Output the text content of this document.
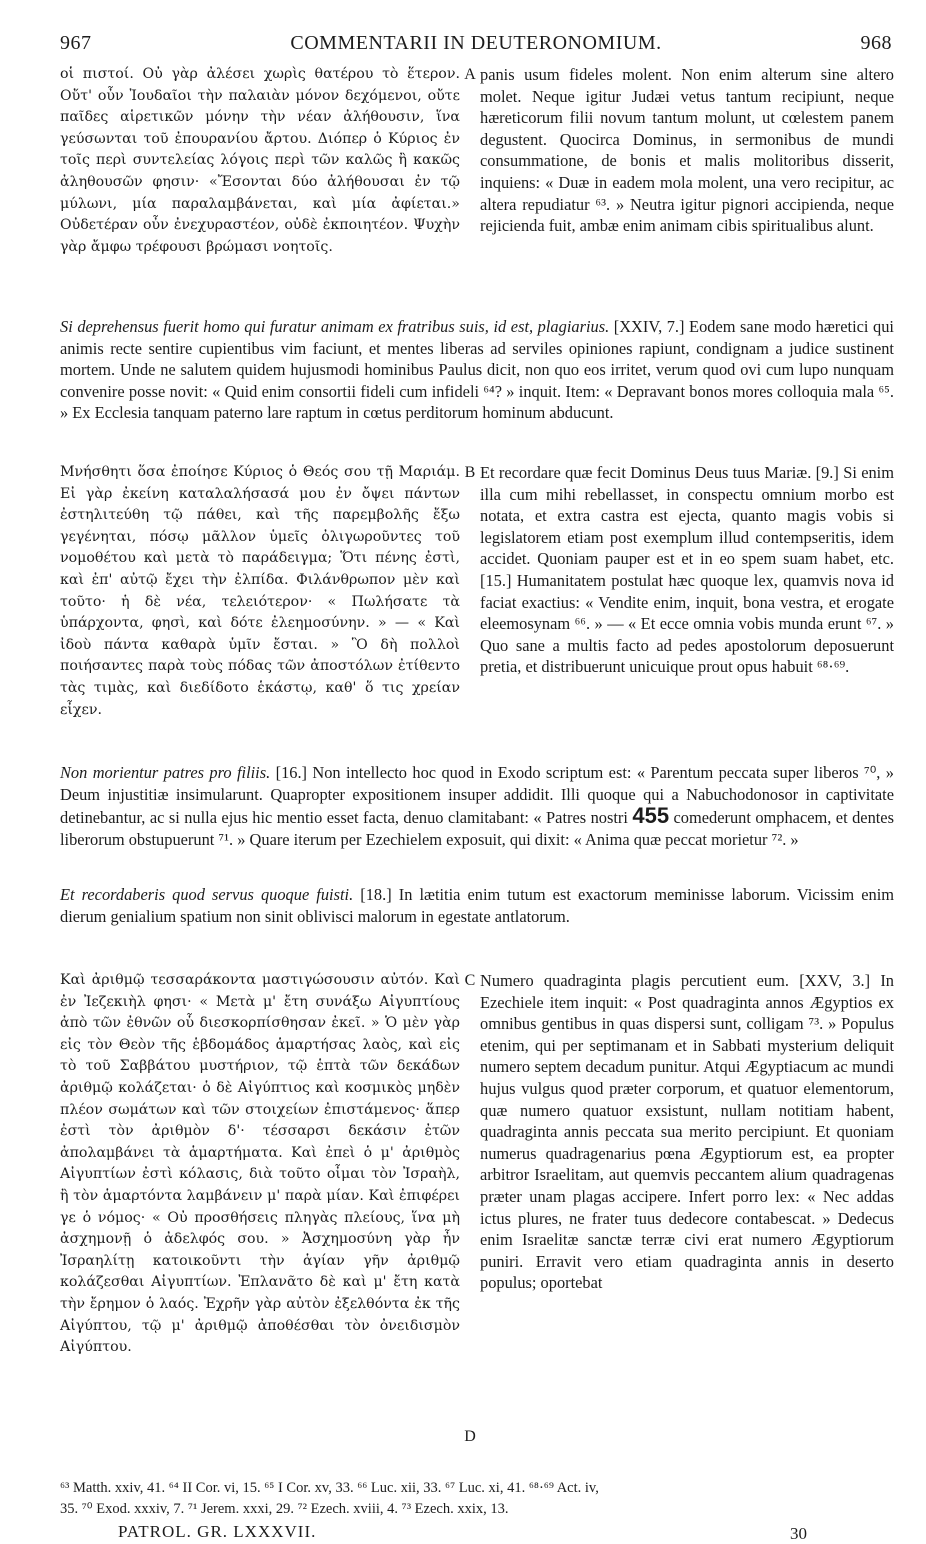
967	COMMENTARII IN DEUTERONOMIUM.	968
οἱ πιστοί. Οὐ γὰρ ἀλέσει χωρὶς θατέρου τὸ ἕτερον. Οὔτ' οὖν Ἰουδαῖοι τὴν παλαιὰν μόνον δεχόμενοι, οὔτε παῖδες αἱρετικῶν μόνην τὴν νέαν ἀλήθουσιν, ἵνα γεύσωνται τοῦ ἐπουρανίου ἄρτου. Διόπερ ὁ Κύριος ἐν τοῖς περὶ συντελείας λόγοις περὶ τῶν καλῶς ἢ κακῶς ἀληθουσῶν φησιν· «Ἔσονται δύο ἀλήθουσαι ἐν τῷ μύλωνι, μία παραλαμβάνεται, καὶ μία ἀφίεται.» Οὐδετέραν οὖν ἐνεχυραστέον, οὐδὲ ἐκποιητέον. Ψυχὴν γὰρ ἄμφω τρέφουσι βρώμασι νοητοῖς.
A panis usum fideles molent. Non enim alterum sine altero molet. Neque igitur Judæi vetus tantum recipiunt, neque hæreticorum filii novum tantum molunt, ut cœlestem panem degustent. Quocirca Dominus, in sermonibus de mundi consummatione, de bonis et malis molitoribus disserit, inquiens: « Duæ in eadem mola molent, una vero recipitur, ac altera repudiatur ⁶³. » Neutra igitur pignori accipienda, neque rejicienda fuit, ambæ enim animam cibis spiritualibus alunt.
Si deprehensus fuerit homo qui furatur animam ex fratribus suis, id est, plagiarius. [XXIV, 7.] Eodem sane modo hæretici qui animis recte sentire cupientibus vim faciunt, et mentes liberas ad serviles opiniones rapiunt, condignam a judice sustinent mortem. Unde ne salutem quidem hujusmodi hominibus Paulus dicit, non quo eos irritet, verum quod ovi cum lupo nunquam convenire posse novit: « Quid enim consortii fideli cum infideli ⁶⁴? » inquit. Item: « Depravant bonos mores colloquia mala ⁶⁵. » Ex Ecclesia tanquam paterno lare raptum in cœtus perditorum hominum abducunt.
Μνήσθητι ὅσα ἐποίησε Κύριος ὁ Θεός σου τῇ Μαριάμ. Εἰ γὰρ ἐκείνη καταλαλήσασά μου ἐν ὄψει πάντων ἐστηλιτεύθη τῷ πάθει, καὶ τῆς παρεμβολῆς ἔξω γεγένηται, πόσῳ μᾶλλον ὑμεῖς ὀλιγωροῦντες τοῦ νομοθέτου καὶ μετὰ τὸ παράδειγμα; Ὅτι πένης ἐστὶ, καὶ ἐπ' αὐτῷ ἔχει τὴν ἐλπίδα. Φιλάνθρωπον μὲν καὶ τοῦτο· ἡ δὲ νέα, τελειότερον· « Πωλήσατε τὰ ὑπάρχοντα, φησὶ, καὶ δότε ἐλεημοσύνην. » — « Καὶ ἰδοὺ πάντα καθαρὰ ὑμῖν ἔσται. » Ὃ δὴ πολλοὶ ποιήσαντες παρὰ τοὺς πόδας τῶν ἀποστόλων ἐτίθεντο τὰς τιμὰς, καὶ διεδίδοτο ἑκάστῳ, καθ' ὅ τις χρείαν εἶχεν.
B Et recordare quæ fecit Dominus Deus tuus Mariæ. [9.] Si enim illa cum mihi rebellasset, in conspectu omnium morbo est notata, et extra castra est ejecta, quanto magis vobis si legislatorem etiam post exemplum illud contempseritis, idem accidet. Quoniam pauper est et in eo spem suam habet, etc. [15.] Humanitatem postulat hæc quoque lex, quamvis nova id faciat exactius: « Vendite enim, inquit, bona vestra, et erogate eleemosynam ⁶⁶. » — « Et ecce omnia vobis munda erunt ⁶⁷. » Quo sane a multis facto ad pedes apostolorum deposuerunt pretia, et distribuerunt unicuique prout opus habuit ⁶⁸·⁶⁹.
Non morientur patres pro filiis. [16.] Non intellecto hoc quod in Exodo scriptum est: « Parentum peccata super liberos ⁷⁰, » Deum injustitiæ insimularunt. Quapropter expositionem insuper addidit. Illi quoque qui a Nabuchodonosor in captivitate detinebantur, ac si nulla ejus hic mentio esset facta, denuo clamitabant: « Patres nostri 455 comederunt omphacem, et dentes liberorum obstupuerunt ⁷¹. » Quare iterum per Ezechielem exposuit, qui dixit: « Anima quæ peccat morietur ⁷². »
Et recordaberis quod servus quoque fuisti. [18.] In lætitia enim tutum est exactorum meminisse laborum. Vicissim enim dierum genialium spatium non sinit oblivisci malorum in egestate antlatorum.
Καὶ ἀριθμῷ τεσσαράκοντα μαστιγώσουσιν αὐτόν. Καὶ ἐν Ἰεζεκιὴλ φησι· « Μετὰ μ' ἔτη συνάξω Αἰγυπτίους ἀπὸ τῶν ἐθνῶν οὗ διεσκορπίσθησαν ἐκεῖ. » Ὁ μὲν γὰρ εἰς τὸν Θεὸν τῆς ἑβδομάδος ἁμαρτήσας λαὸς, καὶ εἰς τὸ τοῦ Σαββάτου μυστήριον, τῷ ἑπτὰ τῶν δεκάδων ἀριθμῷ κολάζεται· ὁ δὲ Αἰγύπτιος καὶ κοσμικὸς μηδὲν πλέον σωμάτων καὶ τῶν στοιχείων ἐπιστάμενος· ἅπερ ἐστὶ τὸν ἀριθμὸν δ'· τέσσαρσι δεκάσιν ἐτῶν ἀπολαμβάνει τὰ ἁμαρτήματα. Καὶ ἐπεὶ ὁ μ' ἀριθμὸς Αἰγυπτίων ἐστὶ κόλασις, διὰ τοῦτο οἶμαι τὸν Ἰσραὴλ, ἢ τὸν ἁμαρτόντα λαμβάνειν μ' παρὰ μίαν. Καὶ ἐπιφέρει γε ὁ νόμος· « Οὐ προσθήσεις πληγὰς πλείους, ἵνα μὴ ἀσχημονῇ ὁ ἀδελφός σου. » Ἀσχημοσύνη γὰρ ἦν Ἰσραηλίτῃ κατοικοῦντι τὴν ἁγίαν γῆν ἀριθμῷ κολάζεσθαι Αἰγυπτίων. Ἐπλανᾶτο δὲ καὶ μ' ἔτη κατὰ τὴν ἔρημον ὁ λαός. Ἐχρῆν γὰρ αὐτὸν ἐξελθόντα ἐκ τῆς Αἰγύπτου, τῷ μ' ἀριθμῷ ἀποθέσθαι τὸν ὀνειδισμὸν Αἰγύπτου.
C
D
Numero quadraginta plagis percutient eum. [XXV, 3.] In Ezechiele item inquit: « Post quadraginta annos Ægyptios ex omnibus gentibus in quas dispersi sunt, colligam ⁷³. » Populus etenim, qui per septimanam et in Sabbati mysterium deliquit numero septem decadum punitur. Atqui Ægyptiacum ac mundi hujus vulgus quod præter corporum, et quatuor elementorum, quæ numero quatuor exsistunt, nullam notitiam habent, quadraginta annis peccata sua merito percipiunt. Et quoniam numerus quadragenarius pœna Ægyptiorum est, ea propter arbitror Israelitam, aut quemvis peccantem alium quadragenas præter unam plagas accipere. Infert porro lex: « Nec addas ictus plures, ne frater tuus dedecore contabescat. » Dedecus enim Israelitæ sanctæ terræ civi erat numero Ægyptiorum puniri. Erravit vero etiam quadraginta annis in deserto populus; oportebat

⁶³ Matth. xxiv, 41. ⁶⁴ II Cor. vi, 15. ⁶⁵ I Cor. xv, 33. ⁶⁶ Luc. xii, 33. ⁶⁷ Luc. xi, 41. ⁶⁸·⁶⁹ Act. iv,

35. ⁷⁰ Exod. xxxiv, 7. ⁷¹ Jerem. xxxi, 29. ⁷² Ezech. xviii, 4. ⁷³ Ezech. xxix, 13.

PATROL. GR. LXXXVII.	30
